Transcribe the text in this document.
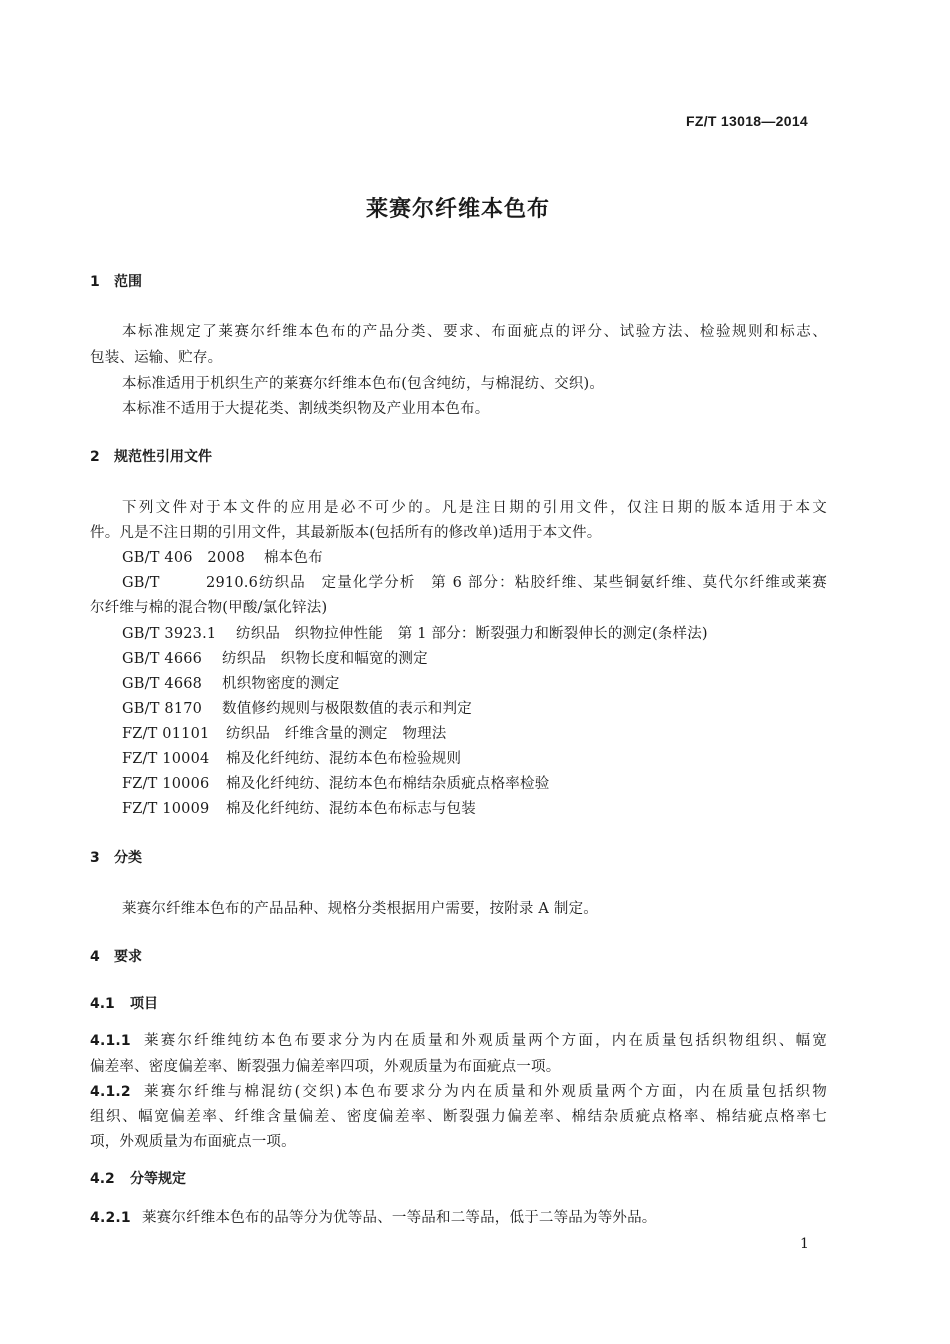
FZ/T 13018—2014
莱赛尔纤维本色布
1 范围
本标准规定了莱赛尔纤维本色布的产品分类、要求、布面疵点的评分、试验方法、检验规则和标志、
包装、运输、贮存。
本标准适用于机织生产的莱赛尔纤维本色布(包含纯纺，与棉混纺、交织)。
本标准不适用于大提花类、割绒类织物及产业用本色布。
2 规范性引用文件
下列文件对于本文件的应用是必不可少的。凡是注日期的引用文件，仅注日期的版本适用于本文
件。凡是不注日期的引用文件，其最新版本(包括所有的修改单)适用于本文件。
GB/T 406　2008 棉本色布
GB/T 2910.6纺织品　定量化学分析　第 6 部分：粘胶纤维、某些铜氨纤维、莫代尔纤维或莱赛
尔纤维与棉的混合物(甲酸/氯化锌法)
GB/T 3923.1 纺织品　织物拉伸性能　第 1 部分：断裂强力和断裂伸长的测定(条样法)
GB/T 4666 纺织品　织物长度和幅宽的测定
GB/T 4668 机织物密度的测定
GB/T 8170 数值修约规则与极限数值的表示和判定
FZ/T 01101 纺织品　纤维含量的测定　物理法
FZ/T 10004 棉及化纤纯纺、混纺本色布检验规则
FZ/T 10006 棉及化纤纯纺、混纺本色布棉结杂质疵点格率检验
FZ/T 10009 棉及化纤纯纺、混纺本色布标志与包装
3 分类
莱赛尔纤维本色布的产品品种、规格分类根据用户需要，按附录 A 制定。
4 要求
4.1 项目
4.1.1 莱赛尔纤维纯纺本色布要求分为内在质量和外观质量两个方面，内在质量包括织物组织、幅宽
偏差率、密度偏差率、断裂强力偏差率四项，外观质量为布面疵点一项。
4.1.2 莱赛尔纤维与棉混纺(交织)本色布要求分为内在质量和外观质量两个方面，内在质量包括织物
组织、幅宽偏差率、纤维含量偏差、密度偏差率、断裂强力偏差率、棉结杂质疵点格率、棉结疵点格率七
项，外观质量为布面疵点一项。
4.2 分等规定
4.2.1 莱赛尔纤维本色布的品等分为优等品、一等品和二等品，低于二等品为等外品。
1
